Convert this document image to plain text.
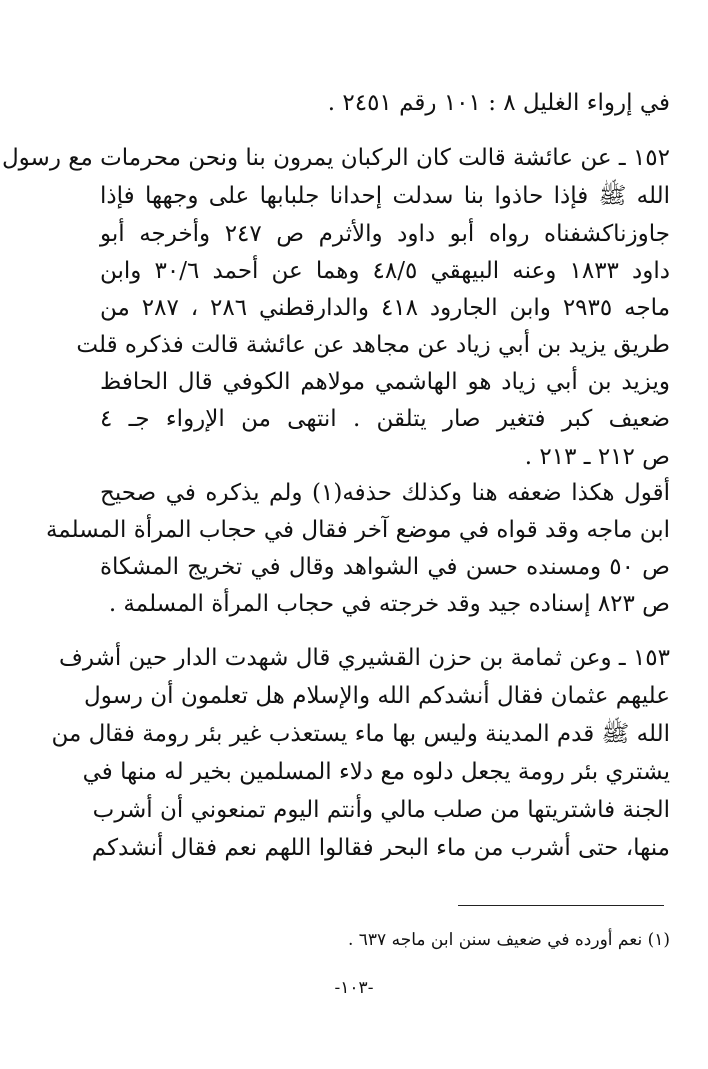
في إرواء الغليل ٨ : ١٠١ رقم ٢٤٥١ .
١٥٢ ـ عن عائشة قالت كان الركبان يمرون بنا ونحن محرمات مع رسول
الله ﷺ فإذا حاذوا بنا سدلت إحدانا جلبابها على وجهها فإذا
جاوزناكشفناه رواه أبو داود والأثرم ص ٢٤٧ وأخرجه أبو
داود ١٨٣٣ وعنه البيهقي ٤٨/٥ وهما عن أحمد ٣٠/٦ وابن
ماجه ٢٩٣٥ وابن الجارود ٤١٨ والدارقطني ٢٨٦ ، ٢٨٧ من
طريق يزيد بن أبي زياد عن مجاهد عن عائشة قالت فذكره قلت
ويزيد بن أبي زياد هو الهاشمي مولاهم الكوفي قال الحافظ
ضعيف كبر فتغير صار يتلقن . انتهى من الإرواء جـ ٤
ص ٢١٢ ـ ٢١٣ .
أقول هكذا ضعفه هنا وكذلك حذفه(١) ولم يذكره في صحيح
ابن ماجه وقد قواه في موضع آخر فقال في حجاب المرأة المسلمة
ص ٥٠ ومسنده حسن في الشواهد وقال في تخريج المشكاة
ص ٨٢٣ إسناده جيد وقد خرجته في حجاب المرأة المسلمة .
١٥٣ ـ وعن ثمامة بن حزن القشيري قال شهدت الدار حين أشرف
عليهم عثمان فقال أنشدكم الله والإسلام هل تعلمون أن رسول
الله ﷺ قدم المدينة وليس بها ماء يستعذب غير بئر رومة فقال من
يشتري بئر رومة يجعل دلوه مع دلاء المسلمين بخير له منها في
الجنة فاشتريتها من صلب مالي وأنتم اليوم تمنعوني أن أشرب
منها، حتى أشرب من ماء البحر فقالوا اللهم نعم فقال أنشدكم
(١) نعم أورده في ضعيف سنن ابن ماجه ٦٣٧ .
-١٠٣-
